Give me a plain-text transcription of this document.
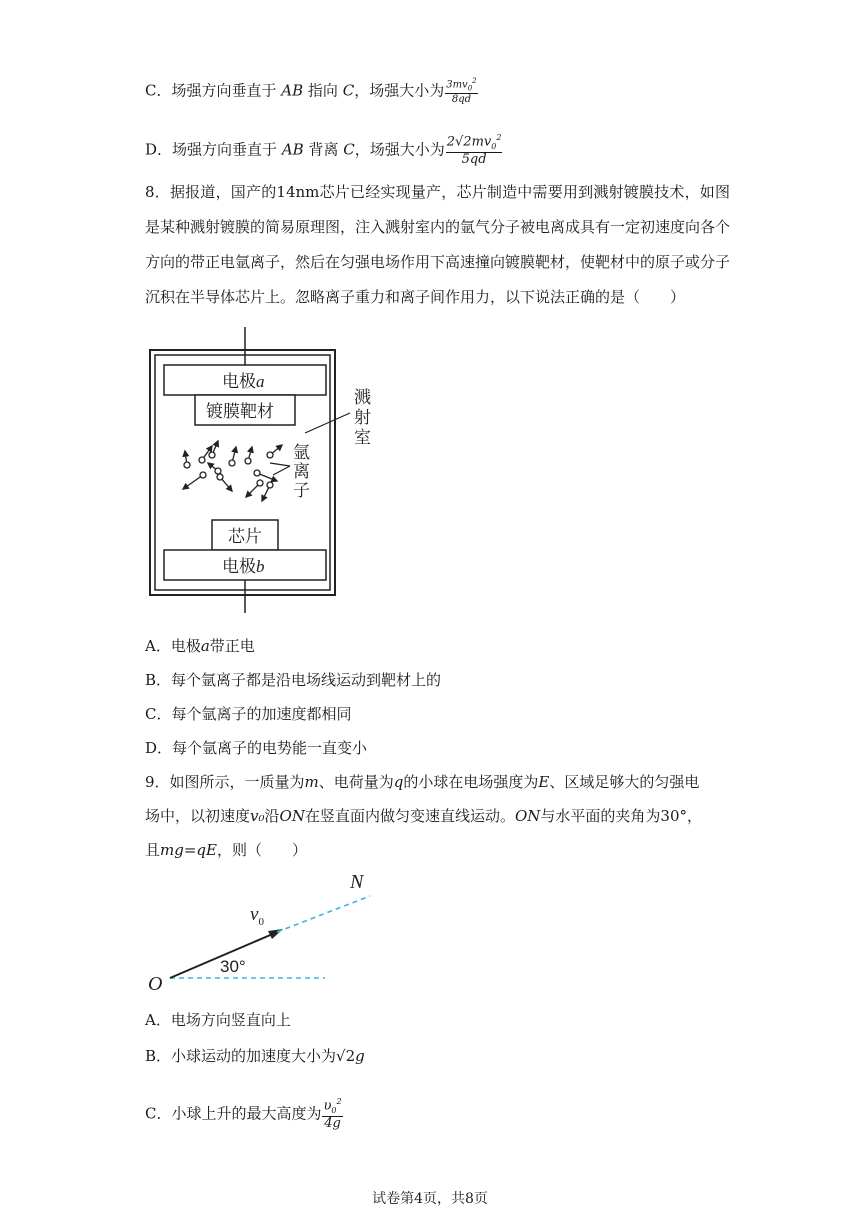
C．场强方向垂直于 AB 指向 C，场强大小为 $\frac{3mv_0^2}{8qd}$
D．场强方向垂直于 AB 背离 C，场强大小为 $\frac{2√2mv_0^2}{5qd}$
8．据报道，国产的14nm芯片已经实现量产，芯片制造中需要用到溅射镀膜技术，如图是某种溅射镀膜的简易原理图，注入溅射室内的氩气分子被电离成具有一定初速度向各个方向的带正电氩离子，然后在匀强电场作用下高速撞向镀膜靶材，使靶材中的原子或分子沉积在半导体芯片上。忽略离子重力和离子间作用力，以下说法正确的是（　　）
电极a
镀膜靶材
溅
射
室
氩
离
子
芯片
电极b
A．电极a带正电
B．每个氩离子都是沿电场线运动到靶材上的
C．每个氩离子的加速度都相同
D．每个氩离子的电势能一直变小
9．如图所示，一质量为m、电荷量为q的小球在电场强度为E、区域足够大的匀强电
场中，以初速度v₀沿ON在竖直面内做匀变速直线运动。ON与水平面的夹角为30°，
且mg=qE，则（　　）
N
O
$v_0$
30°
A．电场方向竖直向上
B．小球运动的加速度大小为√2g
C．小球上升的最大高度为 $\frac{\upsilon_0^2}{4g}$
试卷第4页，共8页
